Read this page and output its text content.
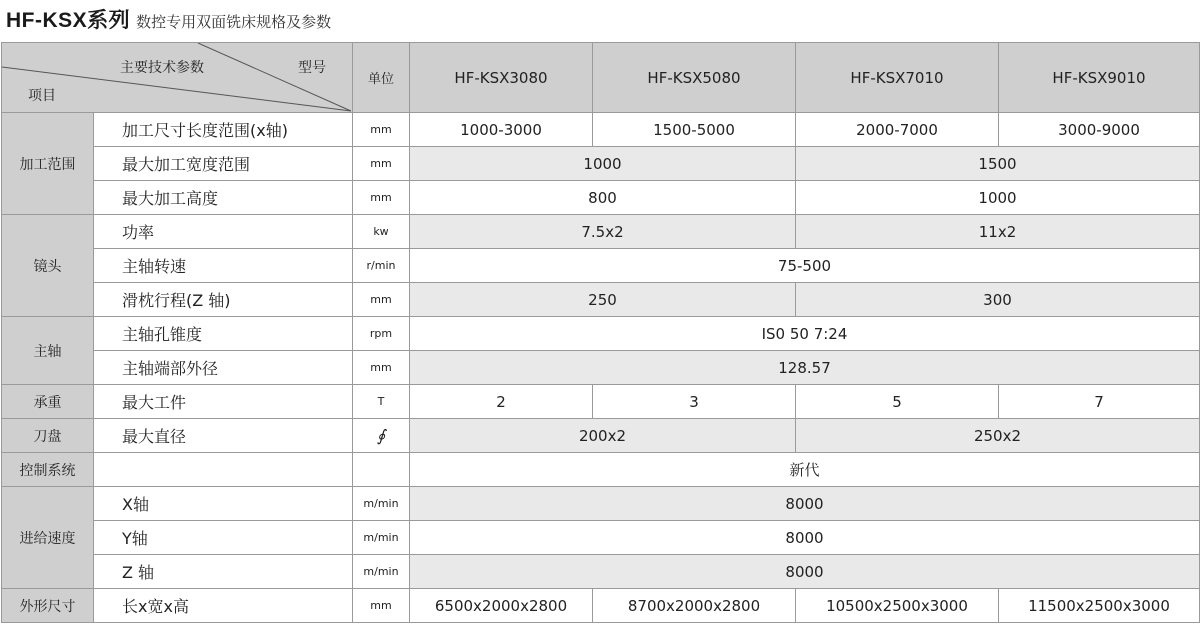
HF-KSX系列 数控专用双面铣床规格及参数
主要技术参数 型号
项目		单位	HF-KSX3080	HF-KSX5080	HF-KSX7010	HF-KSX9010
加工范围	加工尺寸长度范围(x轴)	mm	1000-3000	1500-5000	2000-7000	3000-9000
	最大加工宽度范围	mm	1000		1500	
	最大加工高度	mm	800		1000	
镜头	功率	kw	7.5x2		11x2	
	主轴转速	r/min	75-500			
	滑枕行程(Z 轴)	mm	250		300	
主轴	主轴孔锥度	rpm	IS0 50 7:24			
	主轴端部外径	mm	128.57			
承重	最大工件	T	2	3	5	7
刀盘	最大直径	∮	200x2		250x2	
控制系统			新代			
进给速度	X轴	m/min	8000			
	Y轴	m/min	8000			
	Z 轴	m/min	8000			
外形尺寸	长x宽x高	mm	6500x2000x2800	8700x2000x2800	10500x2500x3000	11500x2500x3000
